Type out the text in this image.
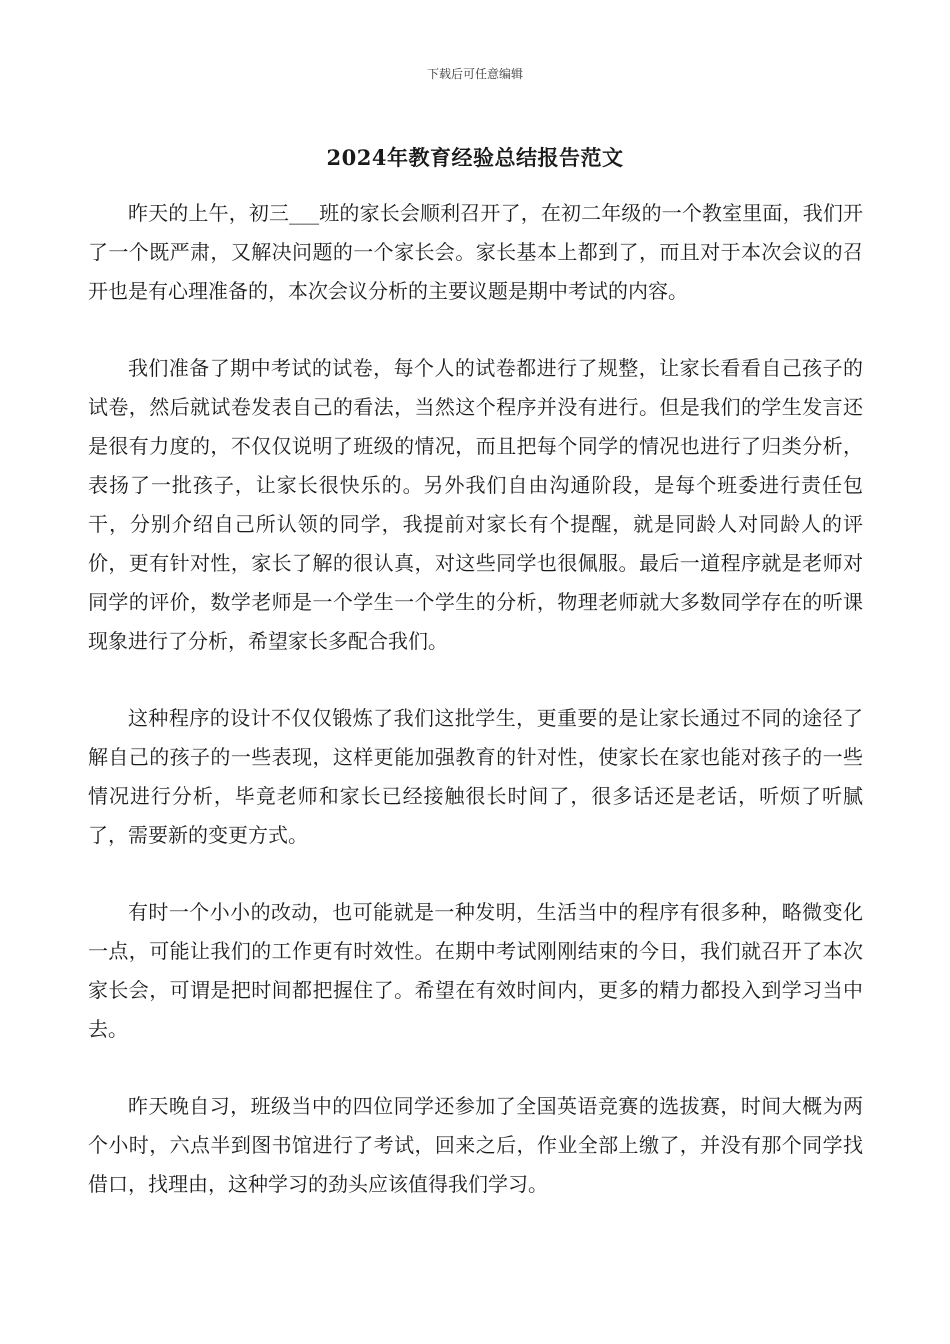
下载后可任意编辑
2024年教育经验总结报告范文

昨天的上午，初三___班的家长会顺利召开了，在初二年级的一个教室里面，我们开了一个既严肃，又解决问题的一个家长会。家长基本上都到了，而且对于本次会议的召开也是有心理准备的，本次会议分析的主要议题是期中考试的内容。

我们准备了期中考试的试卷，每个人的试卷都进行了规整，让家长看看自己孩子的试卷，然后就试卷发表自己的看法，当然这个程序并没有进行。但是我们的学生发言还是很有力度的，不仅仅说明了班级的情况，而且把每个同学的情况也进行了归类分析，表扬了一批孩子，让家长很快乐的。另外我们自由沟通阶段，是每个班委进行责任包干，分别介绍自己所认领的同学，我提前对家长有个提醒，就是同龄人对同龄人的评价，更有针对性，家长了解的很认真，对这些同学也很佩服。最后一道程序就是老师对同学的评价，数学老师是一个学生一个学生的分析，物理老师就大多数同学存在的听课现象进行了分析，希望家长多配合我们。

这种程序的设计不仅仅锻炼了我们这批学生，更重要的是让家长通过不同的途径了解自己的孩子的一些表现，这样更能加强教育的针对性，使家长在家也能对孩子的一些情况进行分析，毕竟老师和家长已经接触很长时间了，很多话还是老话，听烦了听腻了，需要新的变更方式。

有时一个小小的改动，也可能就是一种发明，生活当中的程序有很多种，略微变化一点，可能让我们的工作更有时效性。在期中考试刚刚结束的今日，我们就召开了本次家长会，可谓是把时间都把握住了。希望在有效时间内，更多的精力都投入到学习当中去。

昨天晚自习，班级当中的四位同学还参加了全国英语竞赛的选拔赛，时间大概为两个小时，六点半到图书馆进行了考试，回来之后，作业全部上缴了，并没有那个同学找借口，找理由，这种学习的劲头应该值得我们学习。
